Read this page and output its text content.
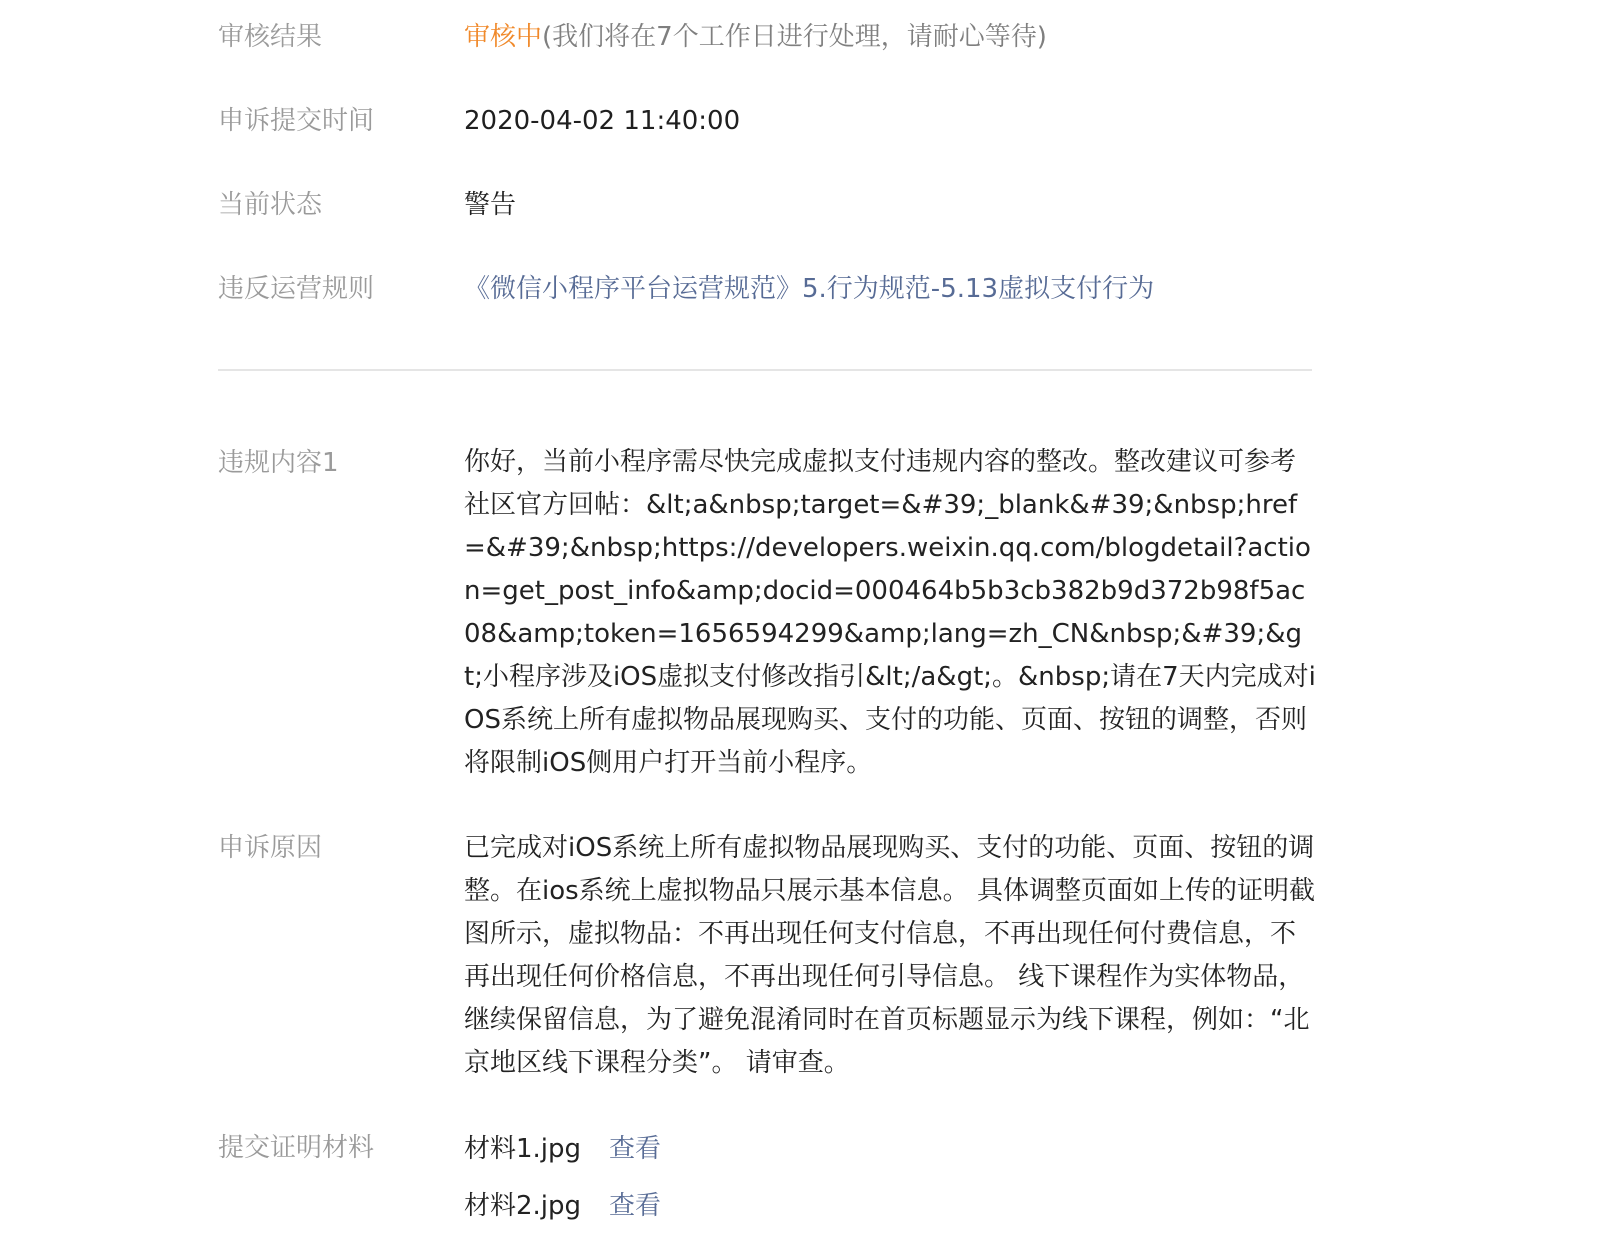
审核结果	审核中(我们将在7个工作日进行处理，请耐心等待)
申诉提交时间	2020-04-02 11:40:00
当前状态	警告
违反运营规则	《微信小程序平台运营规范》5.行为规范-5.13虚拟支付行为
违规内容1	你好，当前小程序需尽快完成虚拟支付违规内容的整改。整改建议可参考社区官方回帖：&lt;a&nbsp;target=&#39;_blank&#39;&nbsp;href=&#39;&nbsp;https://developers.weixin.qq.com/blogdetail?action=get_post_info&amp;docid=000464b5b3cb382b9d372b98f5ac08&amp;token=1656594299&amp;lang=zh_CN&nbsp;&#39;&gt;小程序涉及iOS虚拟支付修改指引&lt;/a&gt;。&nbsp;请在7天内完成对iOS系统上所有虚拟物品展现购买、支付的功能、页面、按钮的调整，否则将限制iOS侧用户打开当前小程序。
申诉原因	已完成对iOS系统上所有虚拟物品展现购买、支付的功能、页面、按钮的调整。在ios系统上虚拟物品只展示基本信息。 具体调整页面如上传的证明截图所示，虚拟物品：不再出现任何支付信息，不再出现任何付费信息，不再出现任何价格信息，不再出现任何引导信息。 线下课程作为实体物品，继续保留信息，为了避免混淆同时在首页标题显示为线下课程，例如：“北京地区线下课程分类”。 请审查。
提交证明材料	材料1.jpg 查看
材料2.jpg 查看
